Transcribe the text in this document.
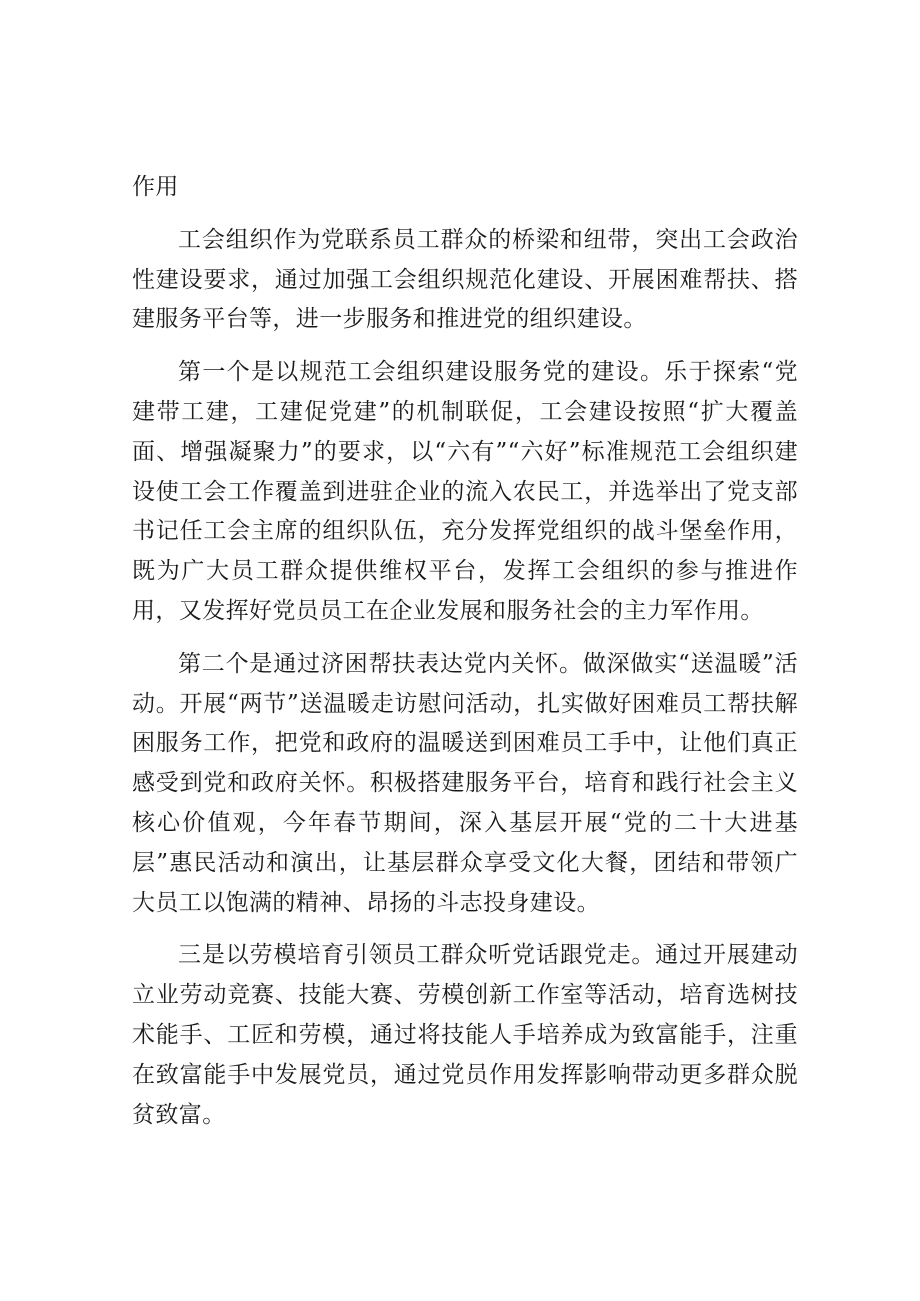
作用

工会组织作为党联系员工群众的桥梁和纽带，突出工会政治性建设要求，通过加强工会组织规范化建设、开展困难帮扶、搭建服务平台等，进一步服务和推进党的组织建设。

第一个是以规范工会组织建设服务党的建设。乐于探索“党建带工建，工建促党建”的机制联促，工会建设按照“扩大覆盖面、增强凝聚力”的要求，以“六有”“六好”标准规范工会组织建设使工会工作覆盖到进驻企业的流入农民工，并选举出了党支部书记任工会主席的组织队伍，充分发挥党组织的战斗堡垒作用，既为广大员工群众提供维权平台，发挥工会组织的参与推进作用，又发挥好党员员工在企业发展和服务社会的主力军作用。

第二个是通过济困帮扶表达党内关怀。做深做实“送温暖”活动。开展“两节”送温暖走访慰问活动，扎实做好困难员工帮扶解困服务工作，把党和政府的温暖送到困难员工手中，让他们真正感受到党和政府关怀。积极搭建服务平台，培育和践行社会主义核心价值观，今年春节期间，深入基层开展“党的二十大进基层”惠民活动和演出，让基层群众享受文化大餐，团结和带领广大员工以饱满的精神、昂扬的斗志投身建设。

三是以劳模培育引领员工群众听党话跟党走。通过开展建动立业劳动竞赛、技能大赛、劳模创新工作室等活动，培育选树技术能手、工匠和劳模，通过将技能人手培养成为致富能手，注重在致富能手中发展党员，通过党员作用发挥影响带动更多群众脱贫致富。
